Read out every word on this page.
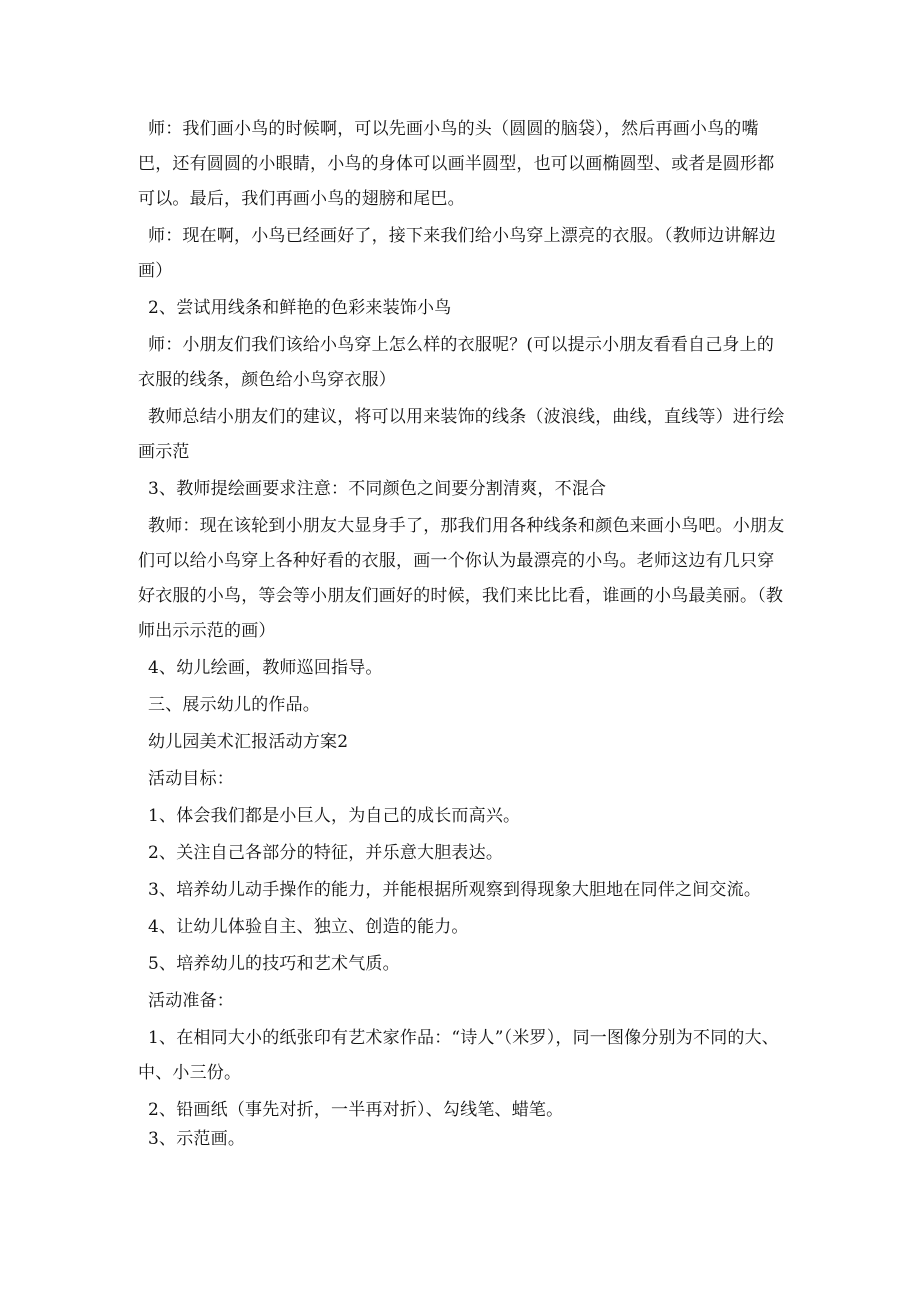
师：我们画小鸟的时候啊，可以先画小鸟的头（圆圆的脑袋），然后再画小鸟的嘴巴，还有圆圆的小眼睛，小鸟的身体可以画半圆型，也可以画椭圆型、或者是圆形都可以。最后，我们再画小鸟的翅膀和尾巴。

师：现在啊，小鸟已经画好了，接下来我们给小鸟穿上漂亮的衣服。（教师边讲解边画）

2、尝试用线条和鲜艳的色彩来装饰小鸟

师：小朋友们我们该给小鸟穿上怎么样的衣服呢？(可以提示小朋友看看自己身上的衣服的线条，颜色给小鸟穿衣服）

教师总结小朋友们的建议，将可以用来装饰的线条（波浪线，曲线，直线等）进行绘画示范

3、教师提绘画要求注意：不同颜色之间要分割清爽，不混合

教师：现在该轮到小朋友大显身手了，那我们用各种线条和颜色来画小鸟吧。小朋友们可以给小鸟穿上各种好看的衣服，画一个你认为最漂亮的小鸟。老师这边有几只穿好衣服的小鸟，等会等小朋友们画好的时候，我们来比比看，谁画的小鸟最美丽。（教师出示示范的画）

4、幼儿绘画，教师巡回指导。

三、展示幼儿的作品。

幼儿园美术汇报活动方案2

活动目标：

1、体会我们都是小巨人，为自己的成长而高兴。

2、关注自己各部分的特征，并乐意大胆表达。

3、培养幼儿动手操作的能力，并能根据所观察到得现象大胆地在同伴之间交流。

4、让幼儿体验自主、独立、创造的能力。

5、培养幼儿的技巧和艺术气质。

活动准备：

1、在相同大小的纸张印有艺术家作品：“诗人”（米罗），同一图像分别为不同的大、中、小三份。

2、铅画纸（事先对折，一半再对折）、勾线笔、蜡笔。

3、示范画。
